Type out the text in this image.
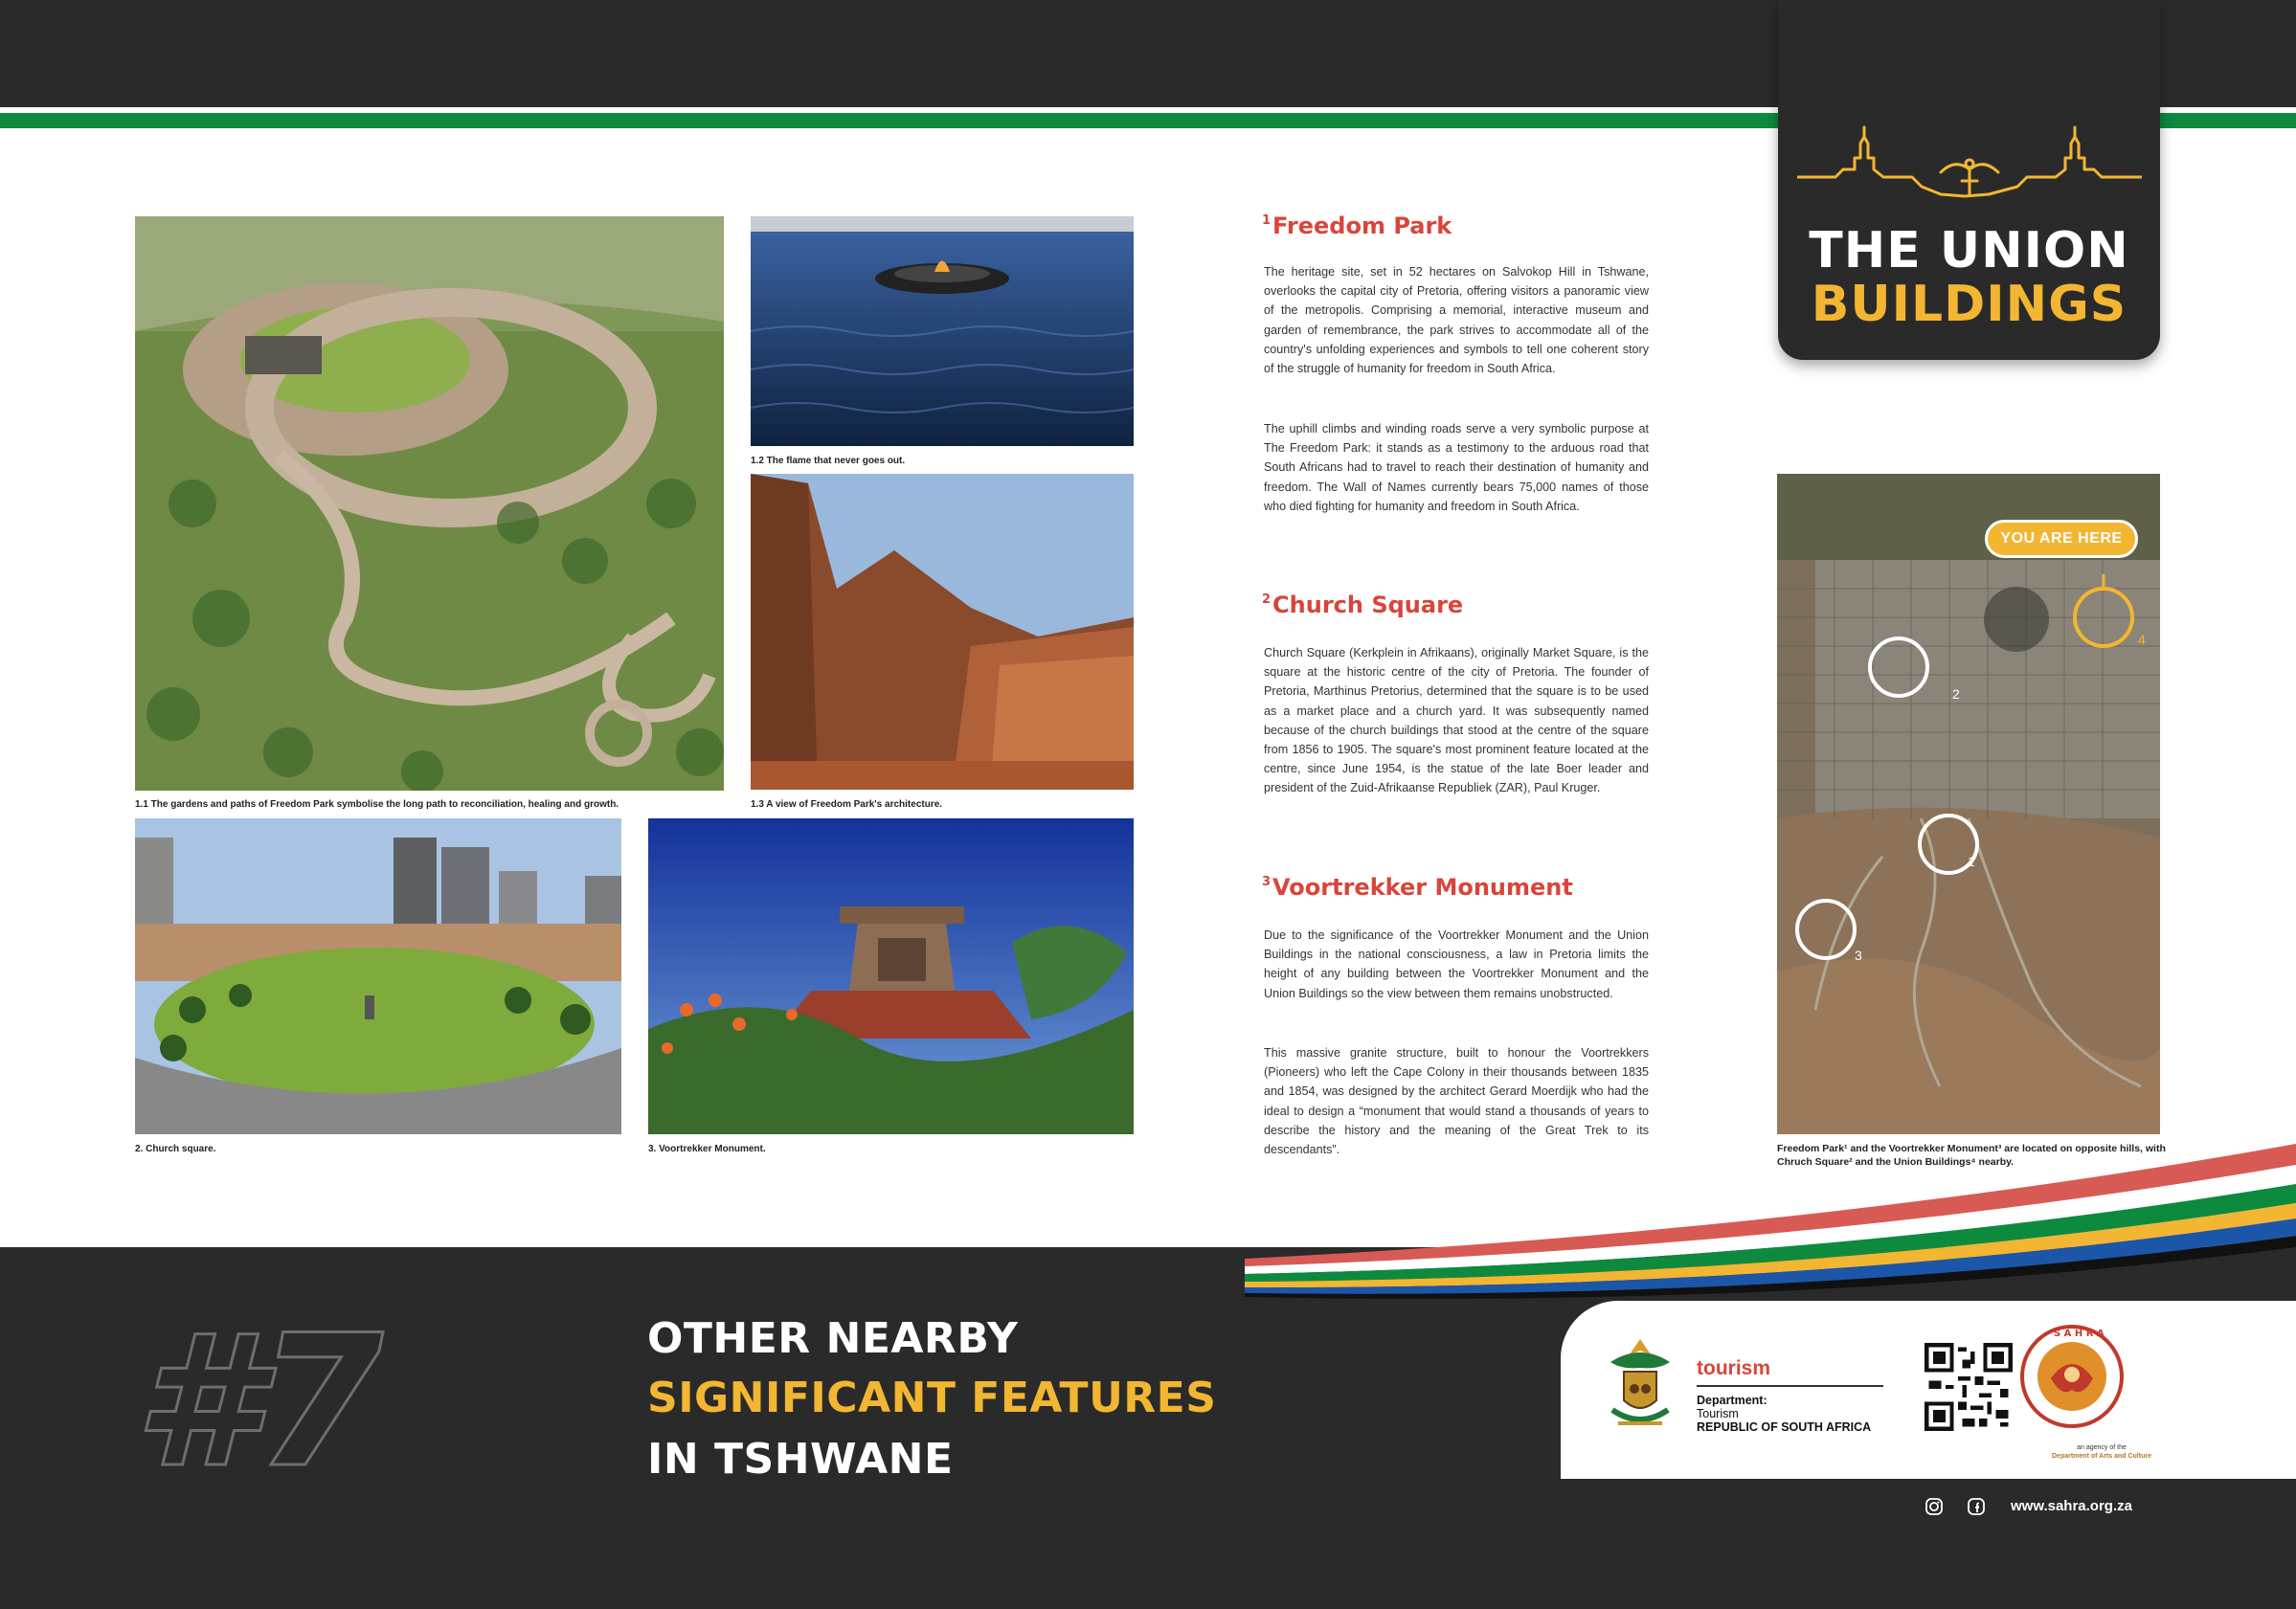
THE UNION
BUILDINGS
1.1 The gardens and paths of Freedom Park symbolise the long path to reconciliation, healing and growth.
1.2 The flame that never goes out.
1.3 A view of Freedom Park's architecture.
2. Church square.	3. Voortrekker Monument.
$^1$Freedom Park
The heritage site, set in 52 hectares on Salvokop Hill in Tshwane, overlooks the capital city of Pretoria, offering visitors a panoramic view of the metropolis. Comprising a memorial, interactive museum and garden of remembrance, the park strives to accommodate all of the country's unfolding experiences and symbols to tell one coherent story of the struggle of humanity for freedom in South Africa.
The uphill climbs and winding roads serve a very symbolic purpose at The Freedom Park: it stands as a testimony to the arduous road that South Africans had to travel to reach their destination of humanity and freedom. The Wall of Names currently bears 75,000 names of those who died fighting for humanity and freedom in South Africa.
$^2$Church Square
Church Square (Kerkplein in Afrikaans), originally Market Square, is the square at the historic centre of the city of Pretoria. The founder of Pretoria, Marthinus Pretorius, determined that the square is to be used as a market place and a church yard. It was subsequently named because of the church buildings that stood at the centre of the square from 1856 to 1905. The square's most prominent feature located at the centre, since June 1954, is the statue of the late Boer leader and president of the Zuid-Afrikaanse Republiek (ZAR), Paul Kruger.
$^3$Voortrekker Monument
Due to the significance of the Voortrekker Monument and the Union Buildings in the national consciousness, a law in Pretoria limits the height of any building between the Voortrekker Monument and the Union Buildings so the view between them remains unobstructed.
This massive granite structure, built to honour the Voortrekkers (Pioneers) who left the Cape Colony in their thousands between 1835 and 1854, was designed by the architect Gerard Moerdijk who had the ideal to design a “monument that would stand a thousands of years to describe the history and the meaning of the Great Trek to its descendants”.
1
2
3
4
YOU ARE HERE
Freedom Park¹ and the Voortrekker Monument³ are located on opposite hills, with Chruch Square² and the Union Buildings⁴ nearby.
#7	OTHER NEARBY
SIGNIFICANT FEATURES
IN TSHWANE
tourism
Department:
Tourism
REPUBLIC OF SOUTH AFRICA
S A H R A
an agency of the
Department of Arts and Culture
www.sahra.org.za
